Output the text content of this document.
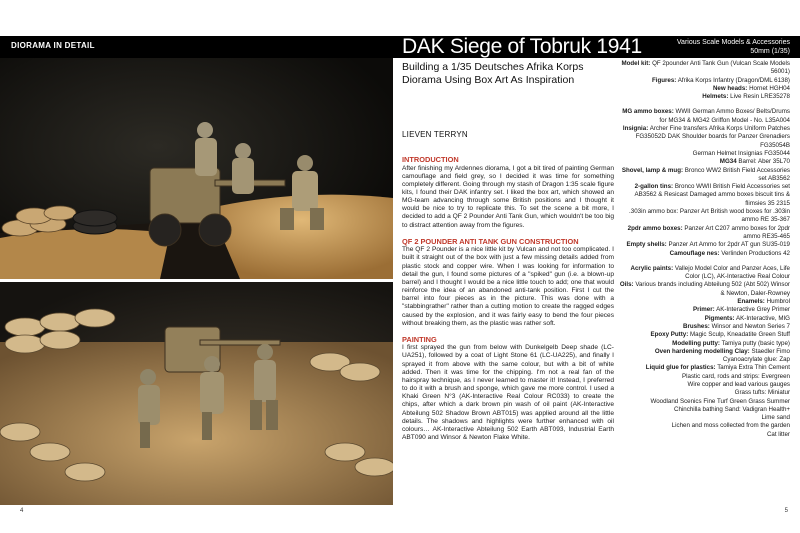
DIORAMA IN DETAIL	DAK Siege of Tobruk 1941	Various Scale Models & Accessories
50mm (1/35)
Building a 1/35 Deutsches Afrika Korps Diorama Using Box Art As Inspiration
LIEVEN TERRYN
INTRODUCTION

After finishing my Ardennes diorama, I got a bit tired of painting German camouflage and field grey, so I decided it was time for something completely different. Going through my stash of Dragon 1:35 scale figure kits, I found their DAK infantry set. I liked the box art, which showed an MG-team advancing through some British positions and I thought it would be nice to try to replicate this. To set the scene a bit more, I decided to add a QF 2 Pounder Anti Tank Gun, which wouldn't be too big to distract attention away from the figures.

QF 2 POUNDER ANTI TANK GUN CONSTRUCTION

The QF 2 Pounder is a nice little kit by Vulcan and not too complicated. I built it straight out of the box with just a few missing details added from plastic stock and copper wire. When I was looking for information to detail the gun, I found some pictures of a "spiked" gun (i.e. a blown-up barrel) and I thought I would be a nice little touch to add; one that would reinforce the idea of an abandoned anti-tank position. First I cut the barrel into four pieces as in the picture. This was done with a "stabbingrather" rather than a cutting motion to create the ragged edges caused by the explosion, and it was fairly easy to bend the four pieces without breaking them, as the plastic was rather soft.

PAINTING

I first sprayed the gun from below with Dunkelgelb Deep shade (LC-UA251), followed by a coat of Light Stone 61 (LC-UA225), and finally I sprayed it from above with the same colour, but with a bit of white added. Then it was time for the chipping. I'm not a real fan of the hairspray technique, as I never learned to master it! Instead, I preferred to do it with a brush and sponge, which gave me more control. I used a Khaki Green N°3 (AK-Interactive Real Colour RC033) to create the chips, after which a dark brown pin wash of oil paint (AK-Interactive Abteilung 502 Shadow Brown ABT015) was applied around all the little details. The shadows and highlights were further enhanced with oil colours… AK-Interactive Abteilung 502 Earth ABT093, Industrial Earth ABT090 and Winsor & Newton Flake White.

Model kit: QF 2pounder Anti Tank Gun (Vulcan Scale Models 56001)
Figures: Afrika Korps Infantry (Dragon/DML 6138)
New heads: Hornet HGH04
Helmets: Live Resin LRE35278
MG ammo boxes: WWII German Ammo Boxes/ Belts/Drums for MG34 & MG42 Griffon Model - No. L35A004
Insignia: Archer Fine transfers Afrika Korps Uniform Patches FG35052D DAK Shoulder boards for Panzer Grenadiers FG35054B
German Helmet Insignias FG35044
MG34 Barrel: Aber 35L70
Shovel, lamp & mug: Bronco WW2 British Field Accessories set AB3562
2-gallon tins: Bronco WWII British Field Accessories set AB3562 & Resicast Damaged ammo boxes biscuit tins & flimsies 35 2315
.303in ammo box: Panzer Art British wood boxes for .303in ammo RE 35-367
2pdr ammo boxes: Panzer Art C207 ammo boxes for 2pdr ammo RE35-465
Empty shells: Panzer Art Ammo for 2pdr AT gun SU35-019
Camouflage nes: Verlinden Productions 42
Acrylic paints: Vallejo Model Color and Panzer Aces, Life Color (LC), AK-Interactive Real Colour
Oils: Various brands including Abteilung 502 (Abt 502) Winsor & Newton, Daler-Rowney
Enamels: Humbrol
Primer: AK-Interactive Grey Primer
Pigments: AK-Interactive, MIG
Brushes: Winsor and Newton Series 7
Epoxy Putty: Magic Sculp, Kneadatite Green Stuff
Modelling putty: Tamiya putty (basic type)
Oven hardening modelling Clay: Staedler Fimo
Cyanoacrylate glue: Zap
Liquid glue for plastics: Tamiya Extra Thin Cement
Plastic card, rods and strips: Evergreen
Wire copper and lead various gauges
Grass tufts: Miniatur
Woodland Scenics Fine Turf Green Grass Summer
Chinchilla bathing Sand: Vadigran Health+
Lime sand
Lichen and moss collected from the garden
Cat litter
4	5
